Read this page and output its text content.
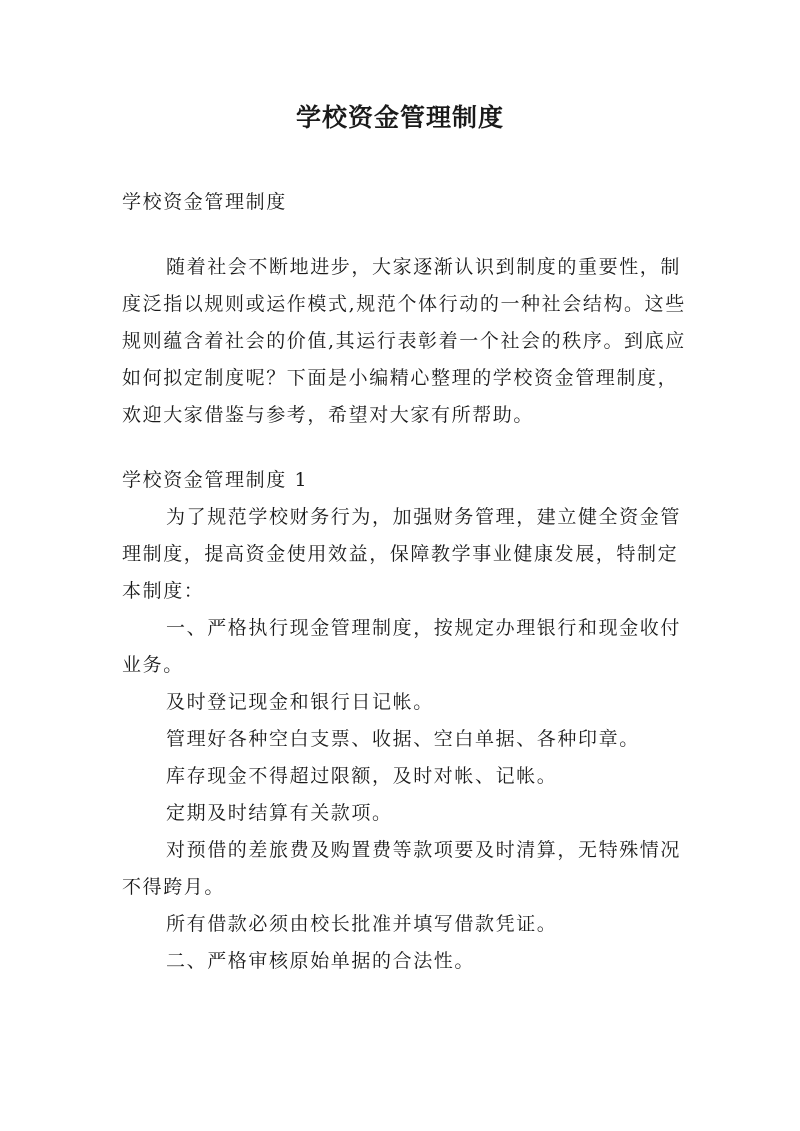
学校资金管理制度

学校资金管理制度

随着社会不断地进步，大家逐渐认识到制度的重要性，制度泛指以规则或运作模式,规范个体行动的一种社会结构。这些规则蕴含着社会的价值,其运行表彰着一个社会的秩序。到底应如何拟定制度呢？下面是小编精心整理的学校资金管理制度，欢迎大家借鉴与参考，希望对大家有所帮助。

学校资金管理制度 1

为了规范学校财务行为，加强财务管理，建立健全资金管理制度，提高资金使用效益，保障教学事业健康发展，特制定本制度：

一、严格执行现金管理制度，按规定办理银行和现金收付业务。

及时登记现金和银行日记帐。

管理好各种空白支票、收据、空白单据、各种印章。

库存现金不得超过限额，及时对帐、记帐。

定期及时结算有关款项。

对预借的差旅费及购置费等款项要及时清算，无特殊情况不得跨月。

所有借款必须由校长批准并填写借款凭证。

二、严格审核原始单据的合法性。
